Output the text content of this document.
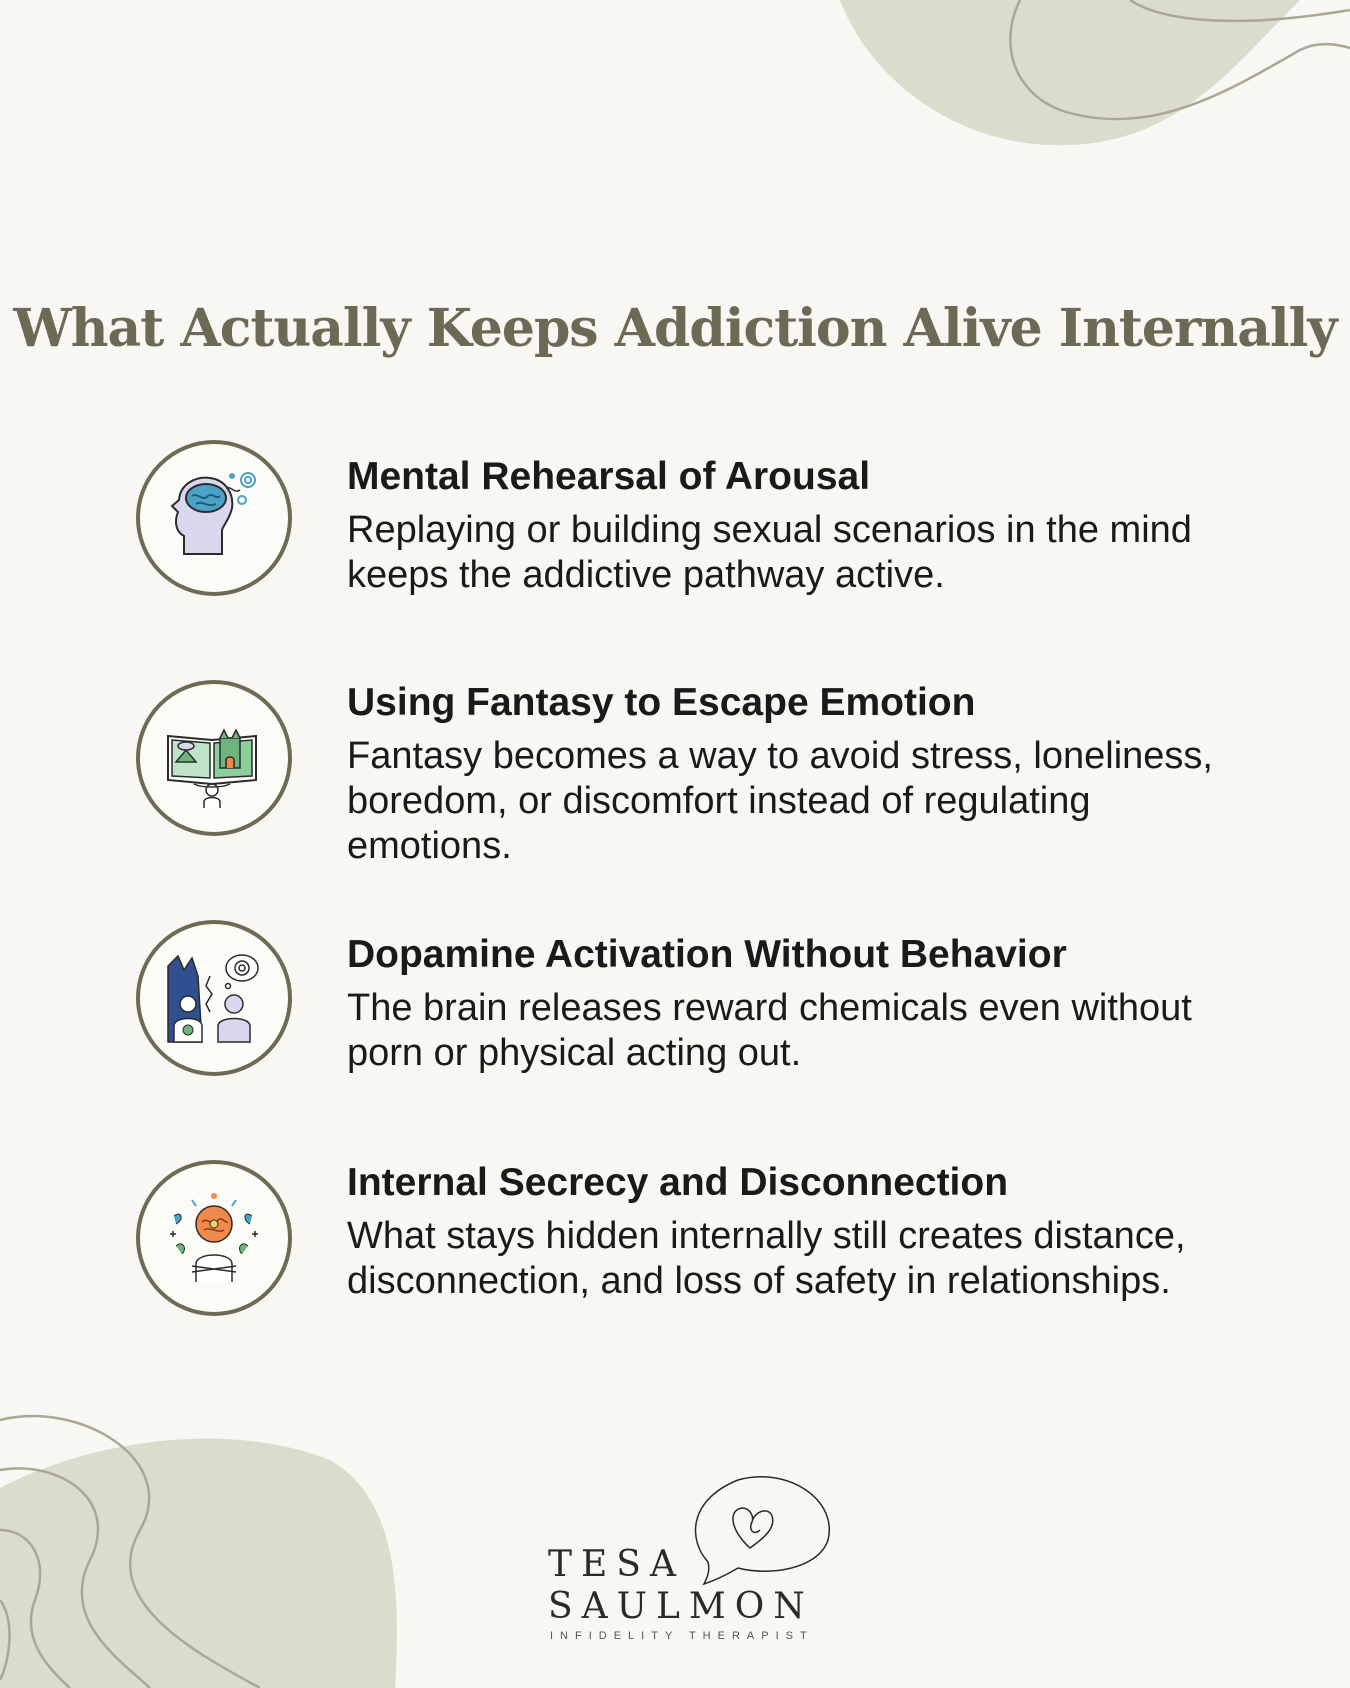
What Actually Keeps Addiction Alive Internally

Mental Rehearsal of Arousal

Replaying or building sexual scenarios in the mind keeps the addictive pathway active.

Using Fantasy to Escape Emotion

Fantasy becomes a way to avoid stress, loneliness, boredom, or discomfort instead of regulating emotions.

Dopamine Activation Without Behavior

The brain releases reward chemicals even without porn or physical acting out.

Internal Secrecy and Disconnection

What stays hidden internally still creates distance, disconnection, and loss of safety in relationships.

TESA
SAULMON
INFIDELITY THERAPIST
